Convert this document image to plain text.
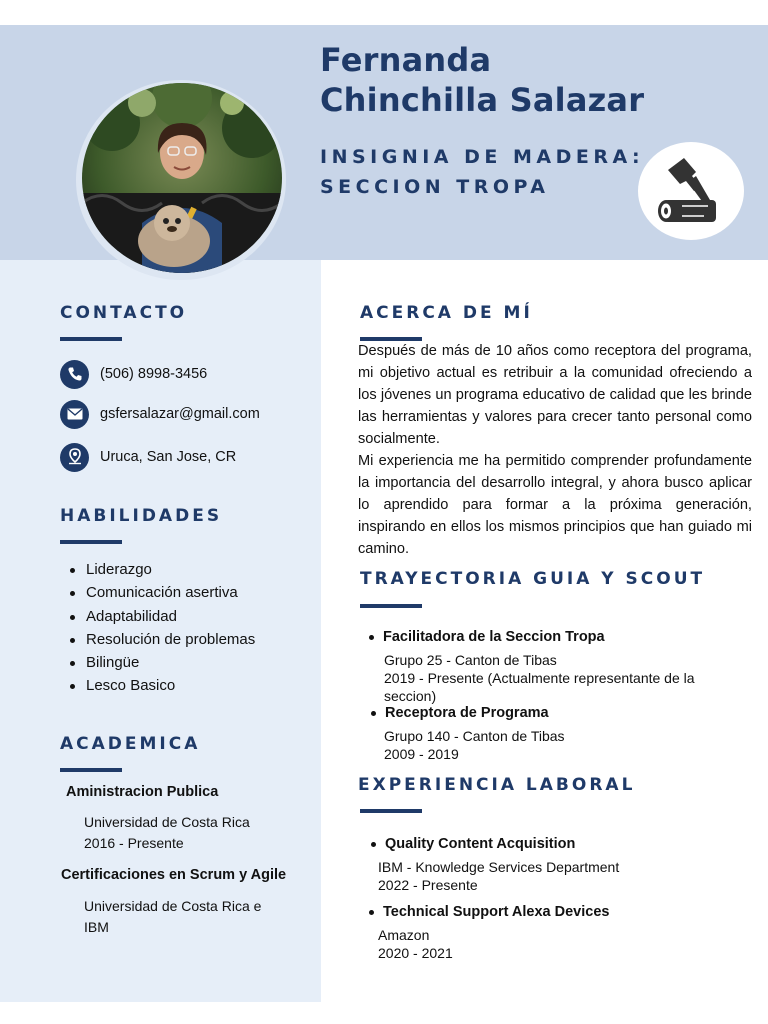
Fernanda
Chinchilla Salazar
INSIGNIA DE MADERA:
SECCION TROPA
CONTACTO
(506) 8998-3456
gsfersalazar@gmail.com
Uruca, San Jose, CR
HABILIDADES
Liderazgo
Comunicación asertiva
Adaptabilidad
Resolución de problemas
Bilingüe
Lesco Basico
ACADEMICA
Aministracion Publica
Universidad de Costa Rica
2016 - Presente
Certificaciones en Scrum y Agile
Universidad de Costa Rica e
IBM
ACERCA DE MÍ

Después de más de 10 años como receptora del programa, mi objetivo actual es retribuir a la comunidad ofreciendo a los jóvenes un programa educativo de calidad que les brinde las herramientas y valores para crecer tanto personal como socialmente.

Mi experiencia me ha permitido comprender profundamente la importancia del desarrollo integral, y ahora busco aplicar lo aprendido para formar a la próxima generación, inspirando en ellos los mismos principios que han guiado mi camino.

TRAYECTORIA GUIA Y SCOUT
Facilitadora de la Seccion Tropa
Grupo 25 - Canton de Tibas
2019 - Presente (Actualmente representante de la seccion)
Receptora de Programa
Grupo 140 - Canton de Tibas
2009 - 2019
EXPERIENCIA LABORAL
Quality Content Acquisition
IBM - Knowledge Services Department
2022 - Presente
Technical Support Alexa Devices
Amazon
2020 - 2021
